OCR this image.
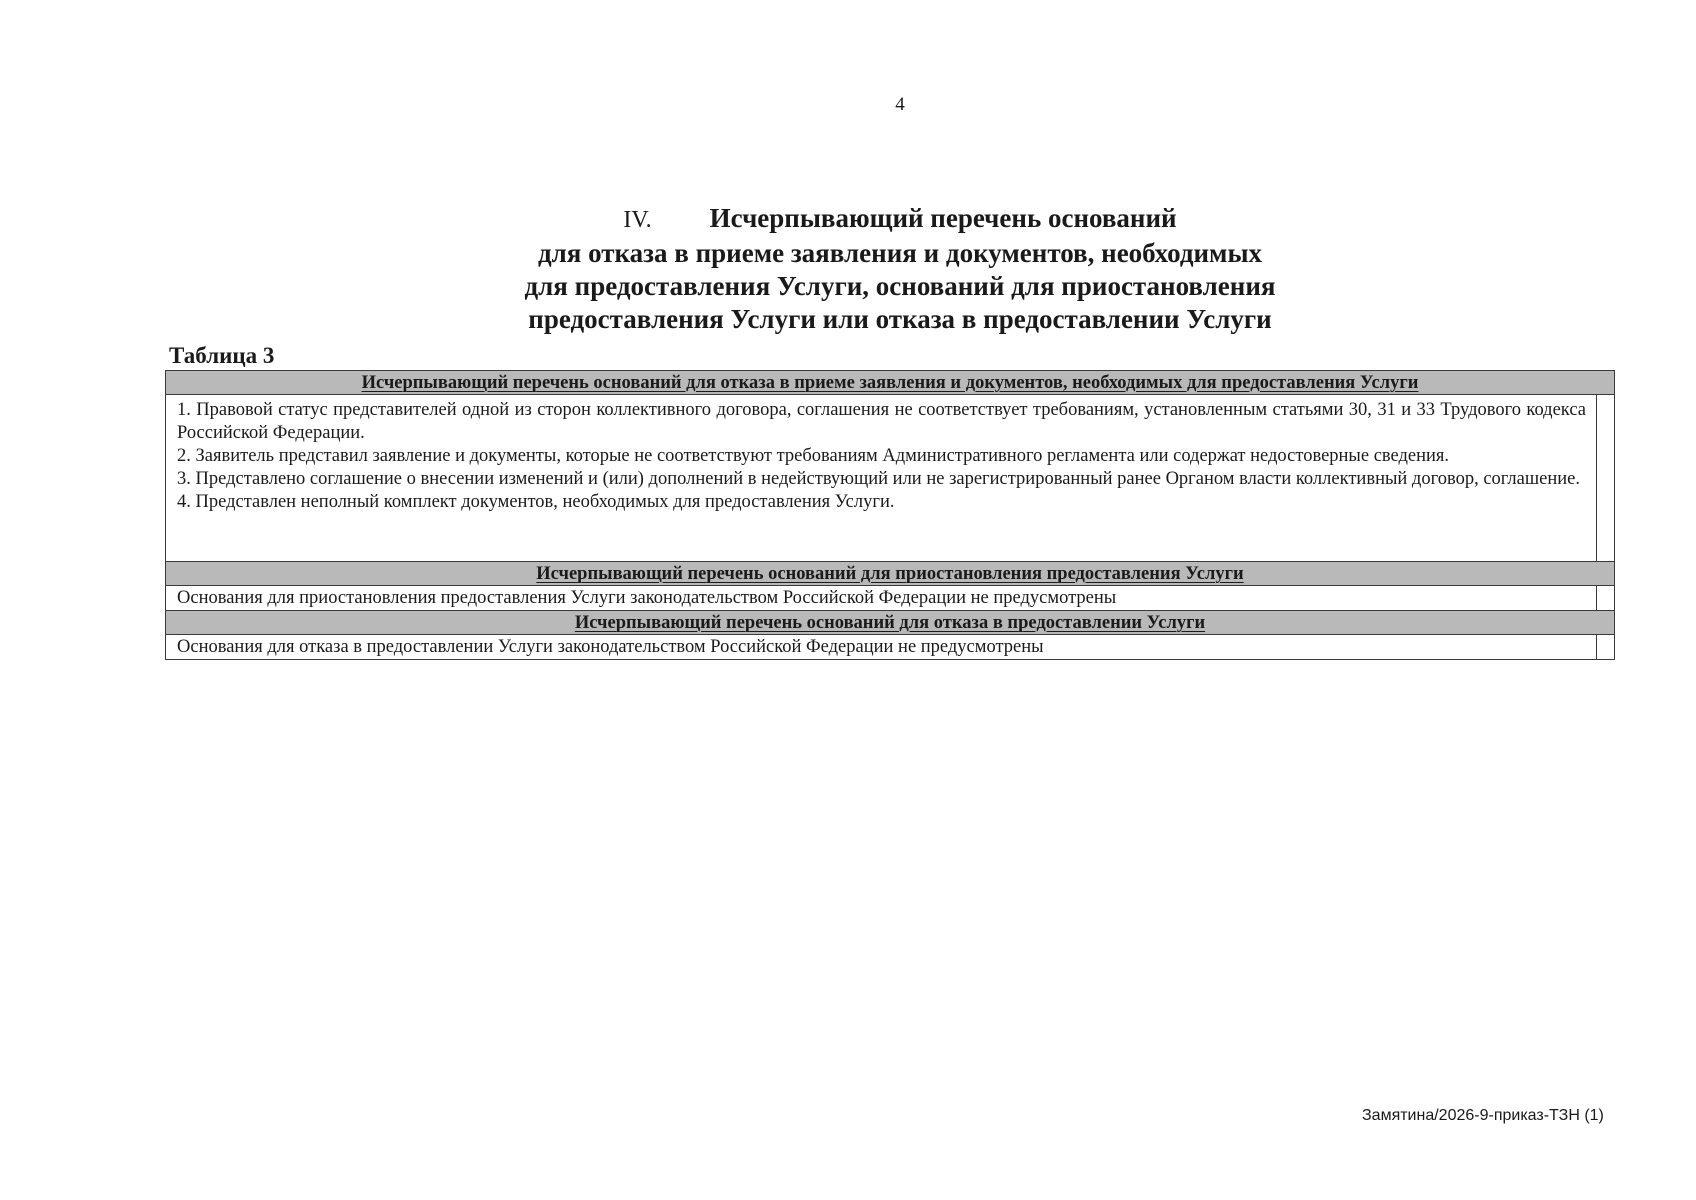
4
IV. Исчерпывающий перечень оснований
для отказа в приеме заявления и документов, необходимых
для предоставления Услуги, оснований для приостановления
предоставления Услуги или отказа в предоставлении Услуги
Таблица 3
Исчерпывающий перечень оснований для отказа в приеме заявления и документов, необходимых для предоставления Услуги	

1. Правовой статус представителей одной из сторон коллективного договора, соглашения не соответствует требованиям, установленным статьями 30, 31 и 33 Трудового кодекса Российской Федерации.
2. Заявитель представил заявление и документы, которые не соответствуют требованиям Административного регламента или содержат недостоверные сведения.
3. Представлено соглашение о внесении изменений и (или) дополнений в недействующий или не зарегистрированный ранее Органом власти коллективный договор, соглашение.
4. Представлен неполный комплект документов, необходимых для предоставления Услуги.	

Исчерпывающий перечень оснований для приостановления предоставления Услуги	
Основания для приостановления предоставления Услуги законодательством Российской Федерации не предусмотрены	
Исчерпывающий перечень оснований для отказа в предоставлении Услуги	
Основания для отказа в предоставлении Услуги законодательством Российской Федерации не предусмотрены	
Замятина/2026-9-приказ-ТЗН (1)
